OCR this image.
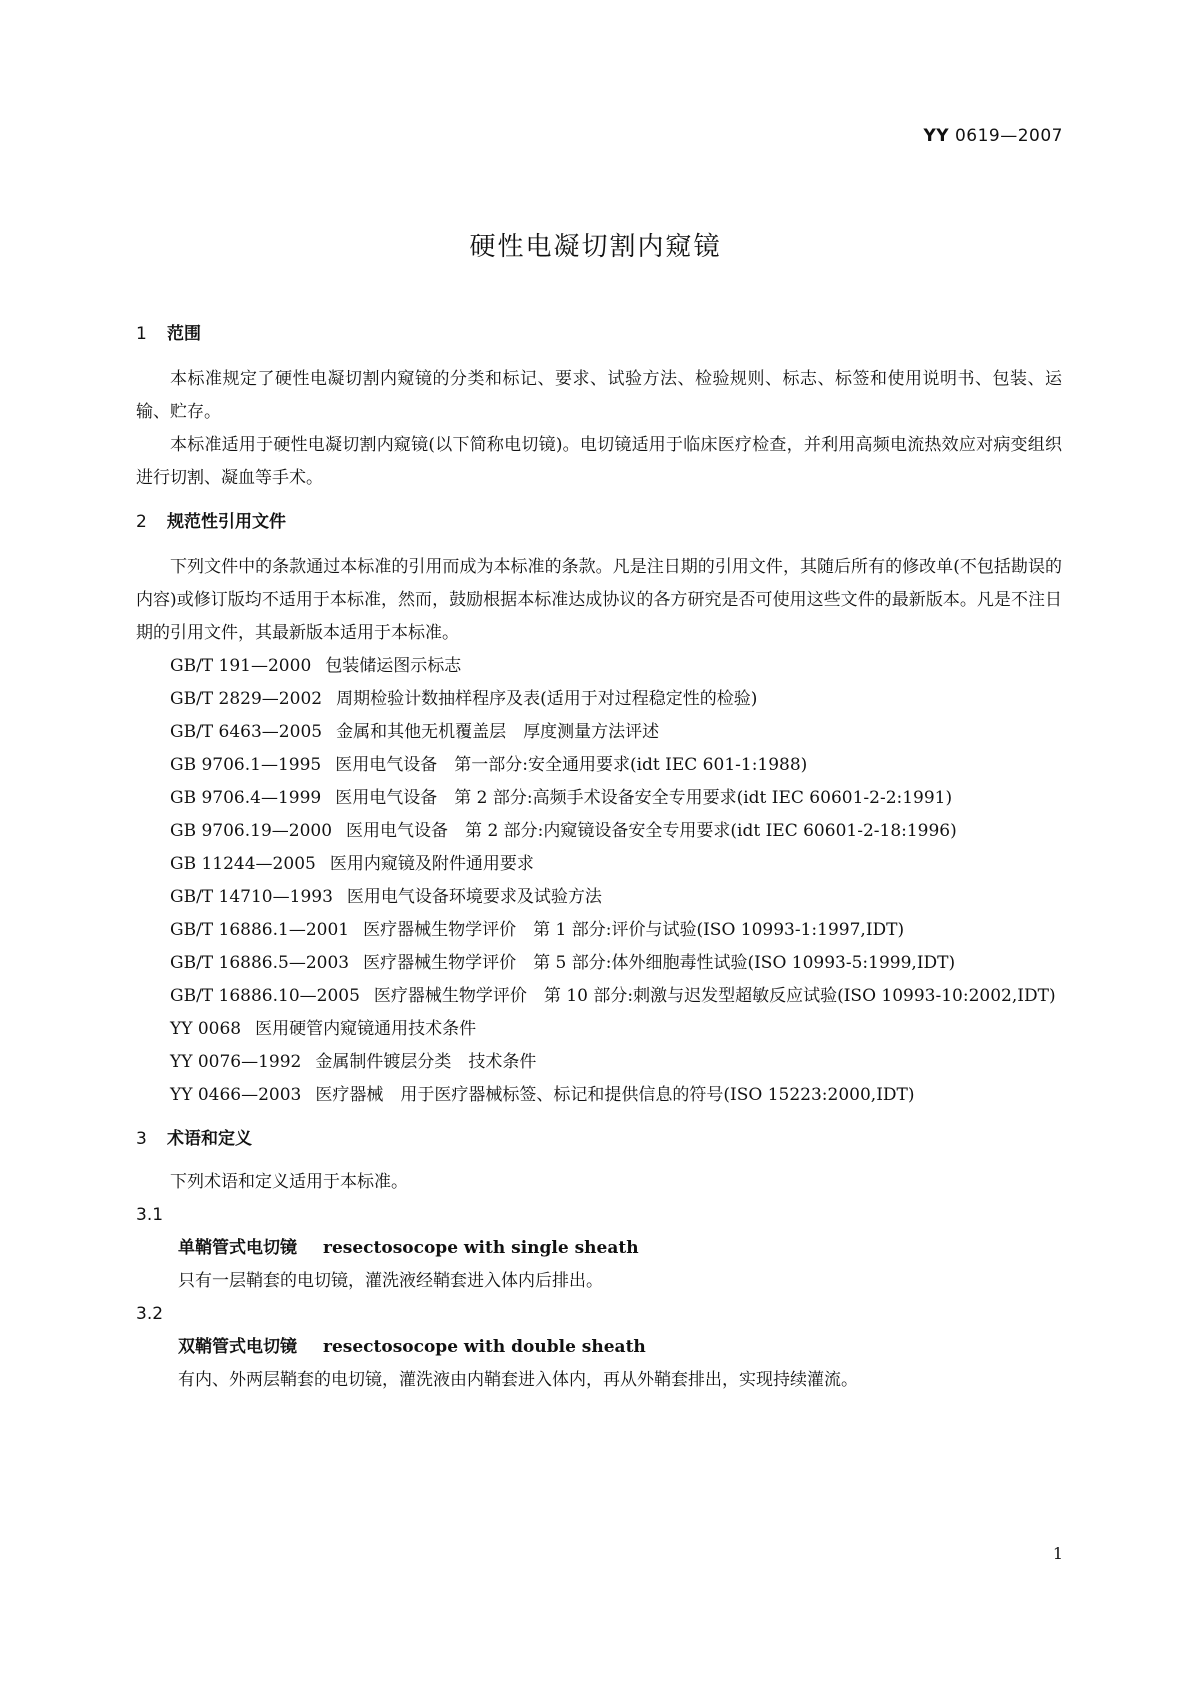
YY 0619—2007
硬性电凝切割内窥镜
1 范围

本标准规定了硬性电凝切割内窥镜的分类和标记、要求、试验方法、检验规则、标志、标签和使用说明书、包装、运输、贮存。

本标准适用于硬性电凝切割内窥镜(以下简称电切镜)。电切镜适用于临床医疗检查，并利用高频电流热效应对病变组织进行切割、凝血等手术。

2 规范性引用文件

下列文件中的条款通过本标准的引用而成为本标准的条款。凡是注日期的引用文件，其随后所有的修改单(不包括勘误的内容)或修订版均不适用于本标准，然而，鼓励根据本标准达成协议的各方研究是否可使用这些文件的最新版本。凡是不注日期的引用文件，其最新版本适用于本标准。

GB/T 191—2000 包装储运图示标志

GB/T 2829—2002 周期检验计数抽样程序及表(适用于对过程稳定性的检验)

GB/T 6463—2005 金属和其他无机覆盖层　厚度测量方法评述

GB 9706.1—1995 医用电气设备　第一部分:安全通用要求(idt IEC 601-1:1988)

GB 9706.4—1999 医用电气设备　第 2 部分:高频手术设备安全专用要求(idt IEC 60601-2-2:1991)

GB 9706.19—2000 医用电气设备　第 2 部分:内窥镜设备安全专用要求(idt IEC 60601-2-18:1996)

GB 11244—2005 医用内窥镜及附件通用要求

GB/T 14710—1993 医用电气设备环境要求及试验方法

GB/T 16886.1—2001 医疗器械生物学评价　第 1 部分:评价与试验(ISO 10993-1:1997,IDT)

GB/T 16886.5—2003 医疗器械生物学评价　第 5 部分:体外细胞毒性试验(ISO 10993-5:1999,IDT)

GB/T 16886.10—2005 医疗器械生物学评价　第 10 部分:刺激与迟发型超敏反应试验(ISO 10993-10:2002,IDT)

YY 0068 医用硬管内窥镜通用技术条件

YY 0076—1992 金属制件镀层分类　技术条件

YY 0466—2003 医疗器械　用于医疗器械标签、标记和提供信息的符号(ISO 15223:2000,IDT)

3 术语和定义

下列术语和定义适用于本标准。

3.1

单鞘管式电切镜 resectosocope with single sheath

只有一层鞘套的电切镜，灌洗液经鞘套进入体内后排出。

3.2

双鞘管式电切镜 resectosocope with double sheath

有内、外两层鞘套的电切镜，灌洗液由内鞘套进入体内，再从外鞘套排出，实现持续灌流。

1
